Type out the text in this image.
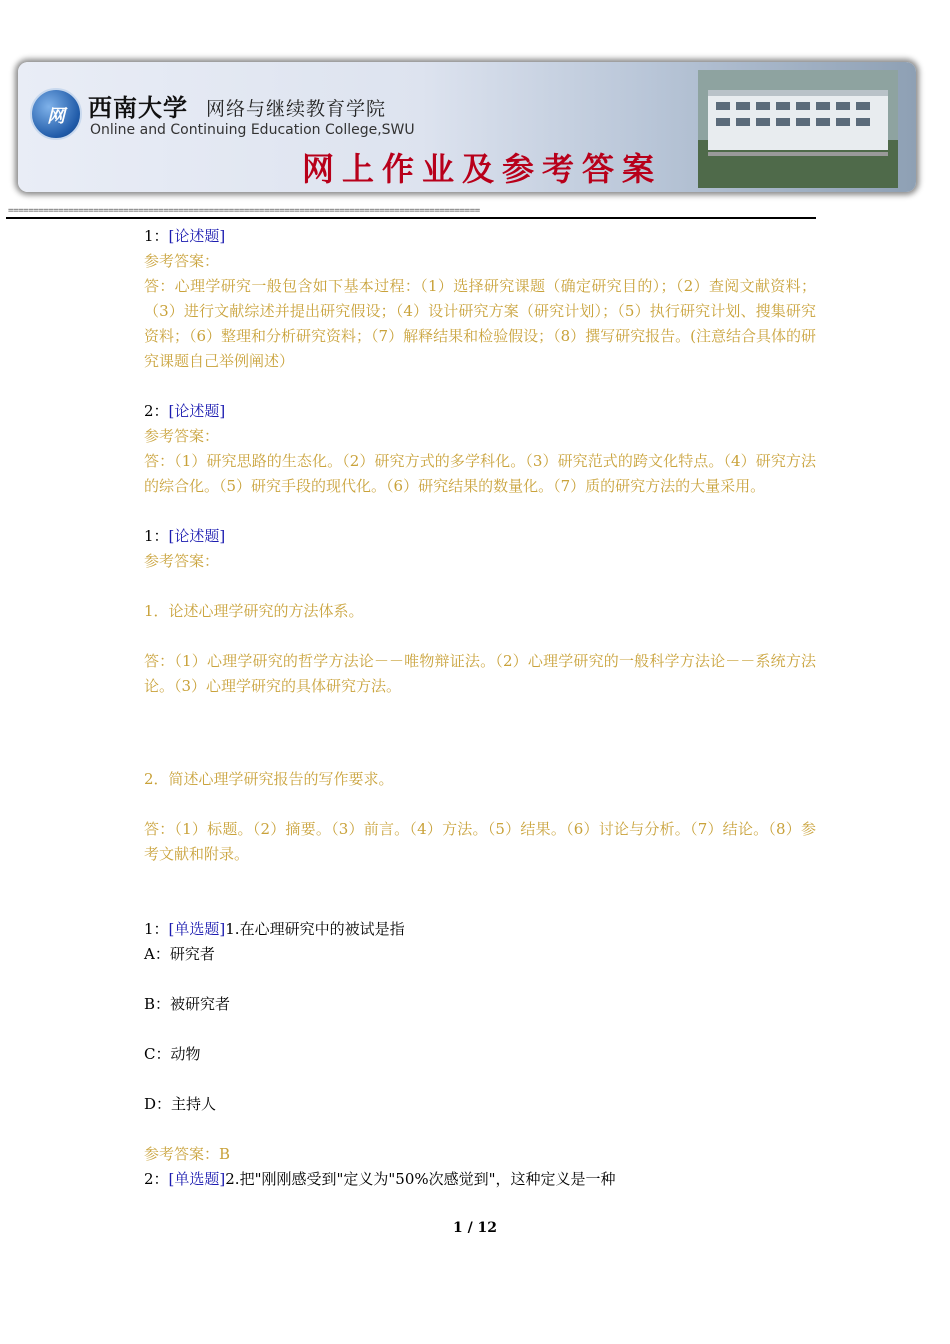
网 西南大学 网络与继续教育学院
Online and Continuing Education College,SWU
网上作业及参考答案
==============================================================================================
1：[论述题]
参考答案：
答：心理学研究一般包含如下基本过程：（1）选择研究课题（确定研究目的）；（2）查阅文献资料；（3）进行文献综述并提出研究假设；（4）设计研究方案（研究计划）；（5）执行研究计划、搜集研究资料；（6）整理和分析研究资料；（7）解释结果和检验假设；（8）撰写研究报告。(注意结合具体的研究课题自己举例阐述）
2：[论述题]
参考答案：
答：（1）研究思路的生态化。（2）研究方式的多学科化。（3）研究范式的跨文化特点。（4）研究方法的综合化。（5）研究手段的现代化。（6）研究结果的数量化。（7）质的研究方法的大量采用。
1：[论述题]
参考答案：
1．论述心理学研究的方法体系。
答：（1）心理学研究的哲学方法论－－唯物辩证法。（2）心理学研究的一般科学方法论－－系统方法论。（3）心理学研究的具体研究方法。
2．简述心理学研究报告的写作要求。
答：（1）标题。（2）摘要。（3）前言。（4）方法。（5）结果。（6）讨论与分析。（7）结论。（8）参考文献和附录。
1：[单选题]1.在心理研究中的被试是指
A：研究者
B：被研究者
C：动物
D：主持人
参考答案：B
2：[单选题]2.把"刚刚感受到"定义为"50%次感觉到"，这种定义是一种
1 / 12
